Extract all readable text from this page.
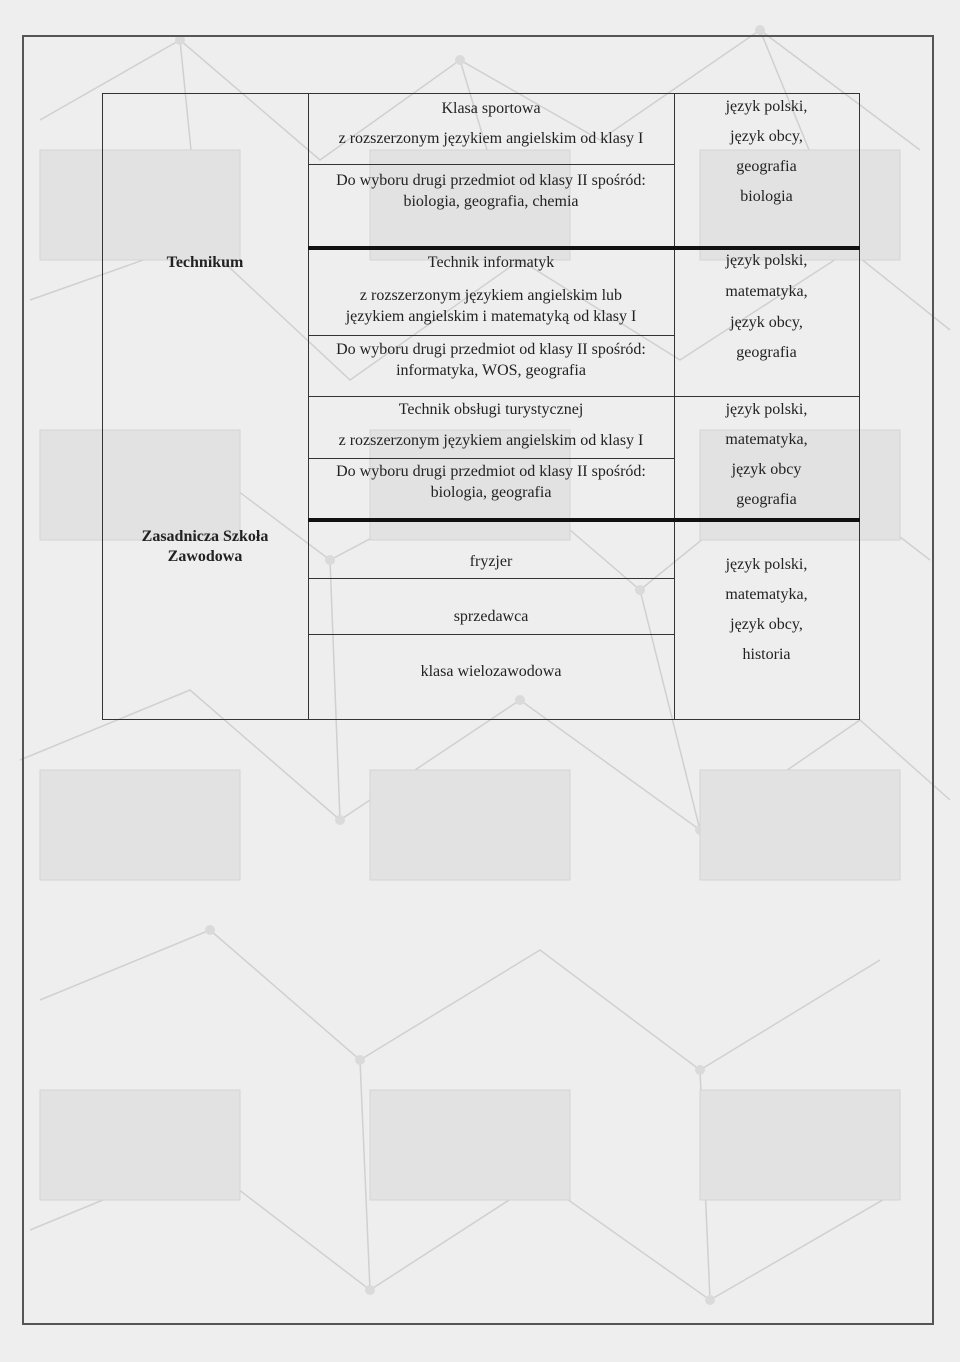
Klasa sportowa
z rozszerzonym językiem angielskim od klasy I
Do wyboru drugi przedmiot od klasy II spośród:
biologia, geografia, chemia
język polski,
język obcy,
geografia
biologia
Technikum	Technik informatyk
z rozszerzonym językiem angielskim lub
językiem angielskim i matematyką od klasy I
Do wyboru drugi przedmiot od klasy II spośród:
informatyka, WOS, geografia
język polski,
matematyka,
język obcy,
geografia
Technik obsługi turystycznej
z rozszerzonym językiem angielskim od klasy I
Do wyboru drugi przedmiot od klasy II spośród:
biologia, geografia
język polski,
matematyka,
język obcy
geografia
Zasadnicza Szkoła
Zawodowa	fryzjer
sprzedawca
klasa wielozawodowa
język polski,
matematyka,
język obcy,
historia
